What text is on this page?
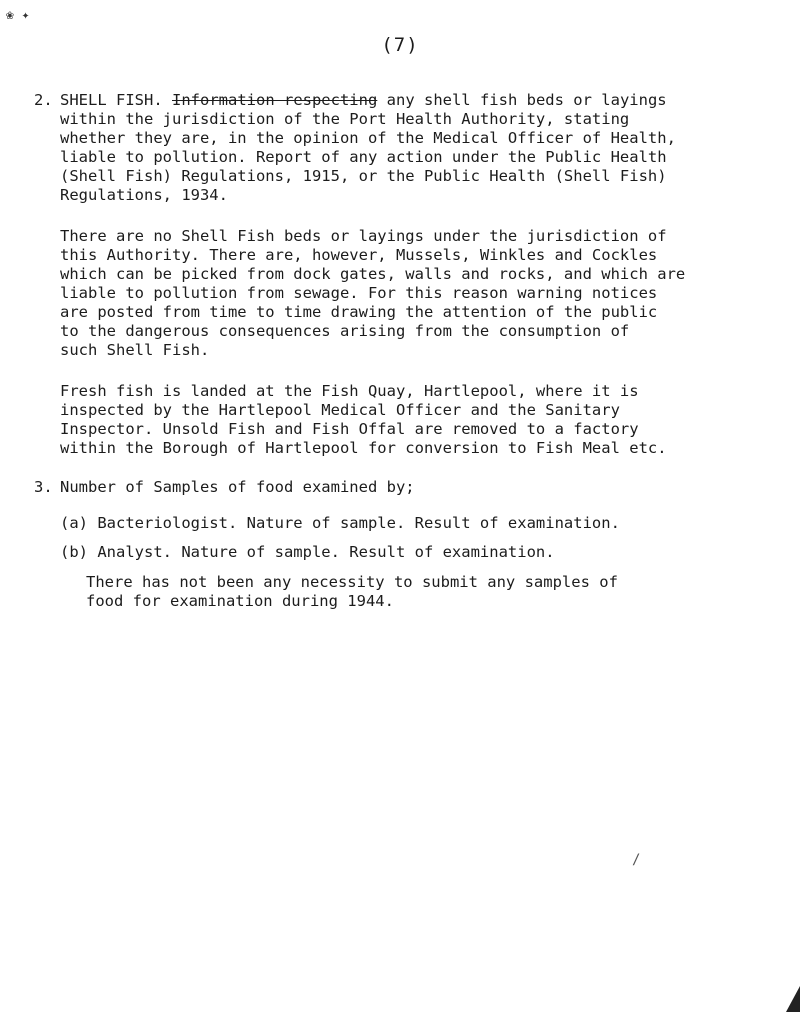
❀ ✦
(7)
2. SHELL FISH. Information respecting any shell fish beds or layings
within the jurisdiction of the Port Health Authority, stating
whether they are, in the opinion of the Medical Officer of Health,
liable to pollution. Report of any action under the Public Health
(Shell Fish) Regulations, 1915, or the Public Health (Shell Fish)
Regulations, 1934.
There are no Shell Fish beds or layings under the jurisdiction of
this Authority. There are, however, Mussels, Winkles and Cockles
which can be picked from dock gates, walls and rocks, and which are
liable to pollution from sewage. For this reason warning notices
are posted from time to time drawing the attention of the public
to the dangerous consequences arising from the consumption of
such Shell Fish.
Fresh fish is landed at the Fish Quay, Hartlepool, where it is
inspected by the Hartlepool Medical Officer and the Sanitary
Inspector. Unsold Fish and Fish Offal are removed to a factory
within the Borough of Hartlepool for conversion to Fish Meal etc.
3. Number of Samples of food examined by;
(a) Bacteriologist. Nature of sample. Result of examination.
(b) Analyst. Nature of sample. Result of examination.
There has not been any necessity to submit any samples of
food for examination during 1944.
/
